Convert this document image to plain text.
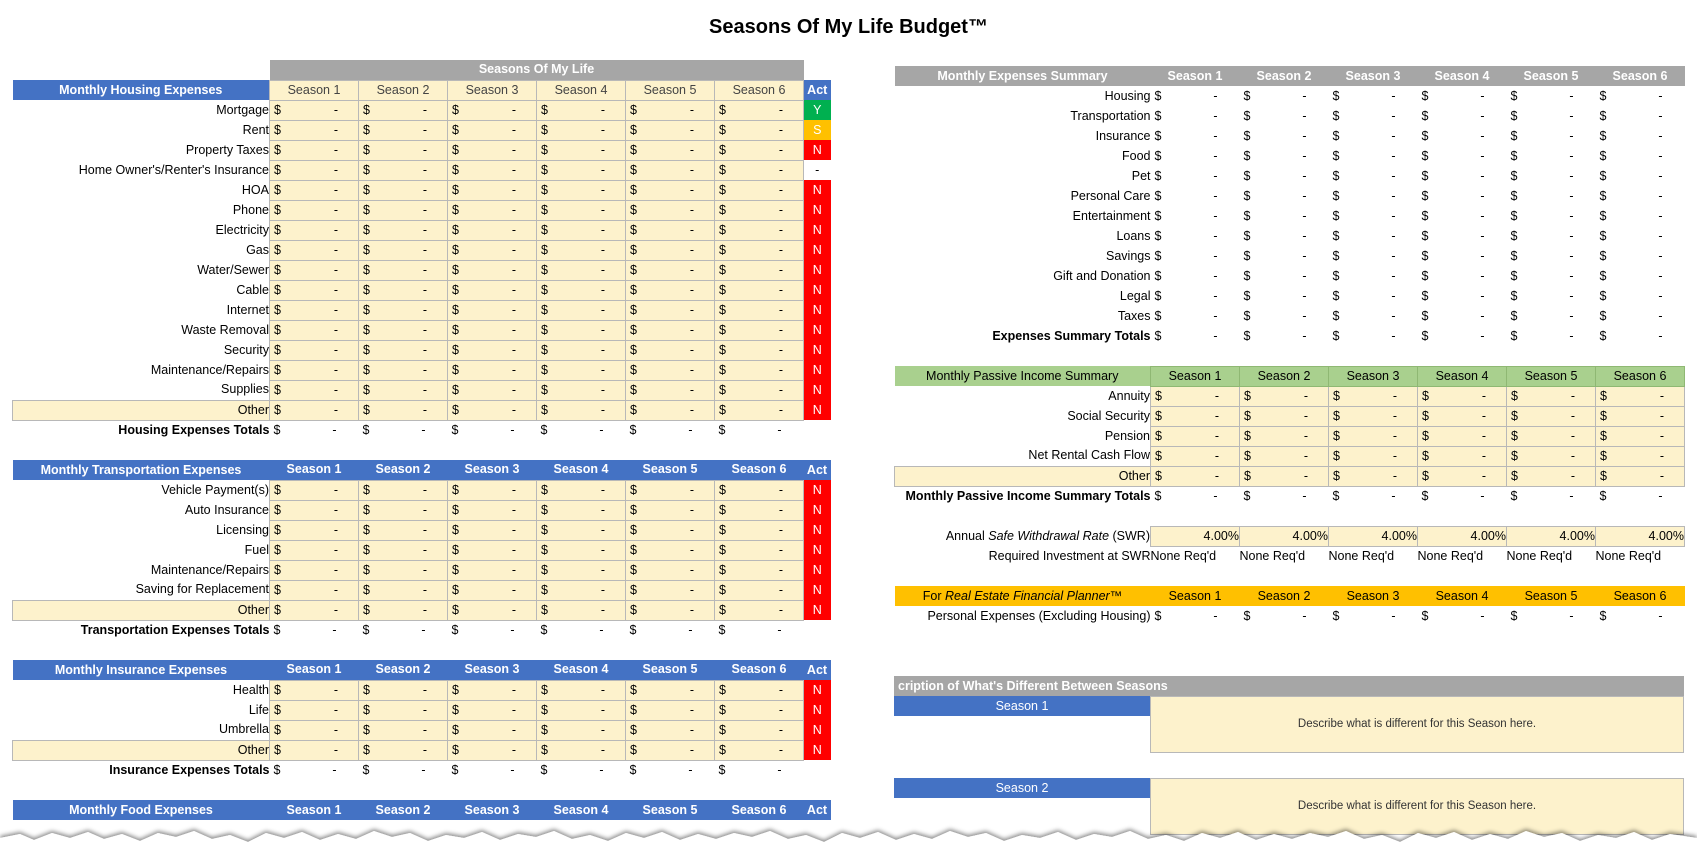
Seasons Of My Life Budget™
	Seasons Of My Life						
Monthly Housing Expenses	Season 1	Season 2	Season 3	Season 4	Season 5	Season 6	Act
Mortgage	$ -	$ -	$ -	$ -	$ -	$ -	Y
Rent	$ -	$ -	$ -	$ -	$ -	$ -	S
Property Taxes	$ -	$ -	$ -	$ -	$ -	$ -	N
Home Owner's/Renter's Insurance	$ -	$ -	$ -	$ -	$ -	$ -	-
HOA	$ -	$ -	$ -	$ -	$ -	$ -	N
Phone	$ -	$ -	$ -	$ -	$ -	$ -	N
Electricity	$ -	$ -	$ -	$ -	$ -	$ -	N
Gas	$ -	$ -	$ -	$ -	$ -	$ -	N
Water/Sewer	$ -	$ -	$ -	$ -	$ -	$ -	N
Cable	$ -	$ -	$ -	$ -	$ -	$ -	N
Internet	$ -	$ -	$ -	$ -	$ -	$ -	N
Waste Removal	$ -	$ -	$ -	$ -	$ -	$ -	N
Security	$ -	$ -	$ -	$ -	$ -	$ -	N
Maintenance/Repairs	$ -	$ -	$ -	$ -	$ -	$ -	N
Supplies	$ -	$ -	$ -	$ -	$ -	$ -	N
Other	$ -	$ -	$ -	$ -	$ -	$ -	N
Housing Expenses Totals	$ -	$ -	$ -	$ -	$ -	$ -	

Monthly Transportation Expenses	Season 1	Season 2	Season 3	Season 4	Season 5	Season 6	Act
Vehicle Payment(s)	$ -	$ -	$ -	$ -	$ -	$ -	N
Auto Insurance	$ -	$ -	$ -	$ -	$ -	$ -	N
Licensing	$ -	$ -	$ -	$ -	$ -	$ -	N
Fuel	$ -	$ -	$ -	$ -	$ -	$ -	N
Maintenance/Repairs	$ -	$ -	$ -	$ -	$ -	$ -	N
Saving for Replacement	$ -	$ -	$ -	$ -	$ -	$ -	N
Other	$ -	$ -	$ -	$ -	$ -	$ -	N
Transportation Expenses Totals	$ -	$ -	$ -	$ -	$ -	$ -	

Monthly Insurance Expenses	Season 1	Season 2	Season 3	Season 4	Season 5	Season 6	Act
Health	$ -	$ -	$ -	$ -	$ -	$ -	N
Life	$ -	$ -	$ -	$ -	$ -	$ -	N
Umbrella	$ -	$ -	$ -	$ -	$ -	$ -	N
Other	$ -	$ -	$ -	$ -	$ -	$ -	N
Insurance Expenses Totals	$ -	$ -	$ -	$ -	$ -	$ -	

Monthly Food Expenses	Season 1	Season 2	Season 3	Season 4	Season 5	Season 6	Act
Monthly Expenses Summary	Season 1	Season 2	Season 3	Season 4	Season 5	Season 6
Housing	$ -	$ -	$ -	$ -	$ -	$ -

Transportation	$ -	$ -	$ -	$ -	$ -	$ -

Insurance	$ -	$ -	$ -	$ -	$ -	$ -

Food	$ -	$ -	$ -	$ -	$ -	$ -

Pet	$ -	$ -	$ -	$ -	$ -	$ -

Personal Care	$ -	$ -	$ -	$ -	$ -	$ -

Entertainment	$ -	$ -	$ -	$ -	$ -	$ -

Loans	$ -	$ -	$ -	$ -	$ -	$ -

Savings	$ -	$ -	$ -	$ -	$ -	$ -

Gift and Donation	$ -	$ -	$ -	$ -	$ -	$ -

Legal	$ -	$ -	$ -	$ -	$ -	$ -

Taxes	$ -	$ -	$ -	$ -	$ -	$ -

Expenses Summary Totals	$ -	$ -	$ -	$ -	$ -	$ -

Monthly Passive Income Summary	Season 1	Season 2	Season 3	Season 4	Season 5	Season 6
Annuity	$ -	$ -	$ -	$ -	$ -	$ -

Social Security	$ -	$ -	$ -	$ -	$ -	$ -

Pension	$ -	$ -	$ -	$ -	$ -	$ -

Net Rental Cash Flow	$ -	$ -	$ -	$ -	$ -	$ -

Other	$ -	$ -	$ -	$ -	$ -	$ -

Monthly Passive Income Summary Totals	$ -	$ -	$ -	$ -	$ -	$ -

Annual Safe Withdrawal Rate (SWR)	4.00%	4.00%	4.00%	4.00%	4.00%	4.00%
Required Investment at SWR	None Req'd	None Req'd	None Req'd	None Req'd	None Req'd	None Req'd

For Real Estate Financial Planner™	Season 1	Season 2	Season 3	Season 4	Season 5	Season 6
Personal Expenses (Excluding Housing)	$ -	$ -	$ -	$ -	$ -	$ -
cription of What's Different Between Seasons
Season 1
Describe what is different for this Season here.
Season 2
Describe what is different for this Season here.
